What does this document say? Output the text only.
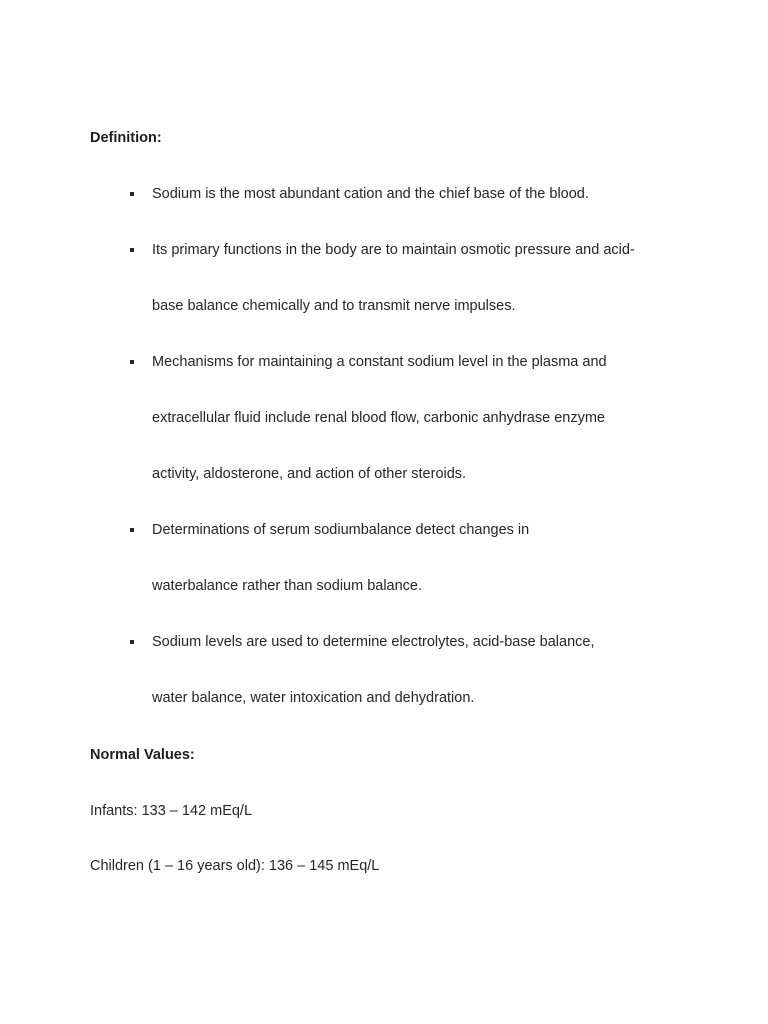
Definition:
Sodium is the most abundant cation and the chief base of the blood.
Its primary functions in the body are to maintain osmotic pressure and acid-
base balance chemically and to transmit nerve impulses.
Mechanisms for maintaining a constant sodium level in the plasma and
extracellular fluid include renal blood flow, carbonic anhydrase enzyme
activity, aldosterone, and action of other steroids.
Determinations of serum sodiumbalance detect changes in
waterbalance rather than sodium balance.
Sodium levels are used to determine electrolytes, acid-base balance,
water balance, water intoxication and dehydration.
Normal Values:
Infants: 133 – 142 mEq/L
Children (1 – 16 years old): 136 – 145 mEq/L
